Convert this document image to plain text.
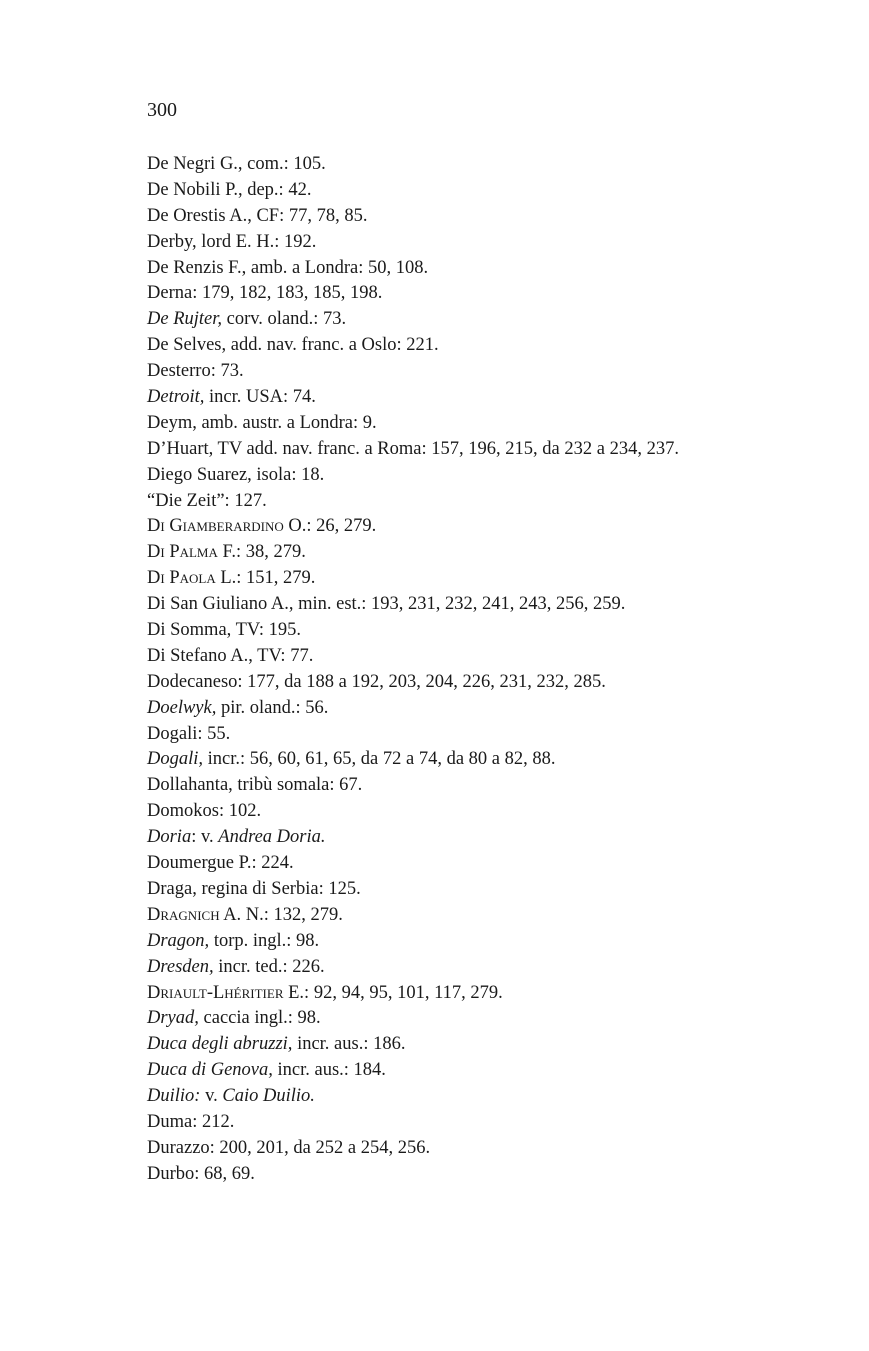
300

De Negri G., com.: 105.
De Nobili P., dep.: 42.
De Orestis A., CF: 77, 78, 85.
Derby, lord E. H.: 192.
De Renzis F., amb. a Londra: 50, 108.
Derna: 179, 182, 183, 185, 198.
De Rujter, corv. oland.: 73.
De Selves, add. nav. franc. a Oslo: 221.
Desterro: 73.
Detroit, incr. USA: 74.
Deym, amb. austr. a Londra: 9.
D’Huart, TV add. nav. franc. a Roma: 157, 196, 215, da 232 a 234, 237.
Diego Suarez, isola: 18.
“Die Zeit”: 127.
Di Giamberardino O.: 26, 279.
Di Palma F.: 38, 279.
Di Paola L.: 151, 279.
Di San Giuliano A., min. est.: 193, 231, 232, 241, 243, 256, 259.
Di Somma, TV: 195.
Di Stefano A., TV: 77.
Dodecaneso: 177, da 188 a 192, 203, 204, 226, 231, 232, 285.
Doelwyk, pir. oland.: 56.
Dogali: 55.
Dogali, incr.: 56, 60, 61, 65, da 72 a 74, da 80 a 82, 88.
Dollahanta, tribù somala: 67.
Domokos: 102.
Doria: v. Andrea Doria.
Doumergue P.: 224.
Draga, regina di Serbia: 125.
Dragnich A. N.: 132, 279.
Dragon, torp. ingl.: 98.
Dresden, incr. ted.: 226.
Driault-Lhéritier E.: 92, 94, 95, 101, 117, 279.
Dryad, caccia ingl.: 98.
Duca degli abruzzi, incr. aus.: 186.
Duca di Genova, incr. aus.: 184.
Duilio: v. Caio Duilio.
Duma: 212.
Durazzo: 200, 201, da 252 a 254, 256.
Durbo: 68, 69.
